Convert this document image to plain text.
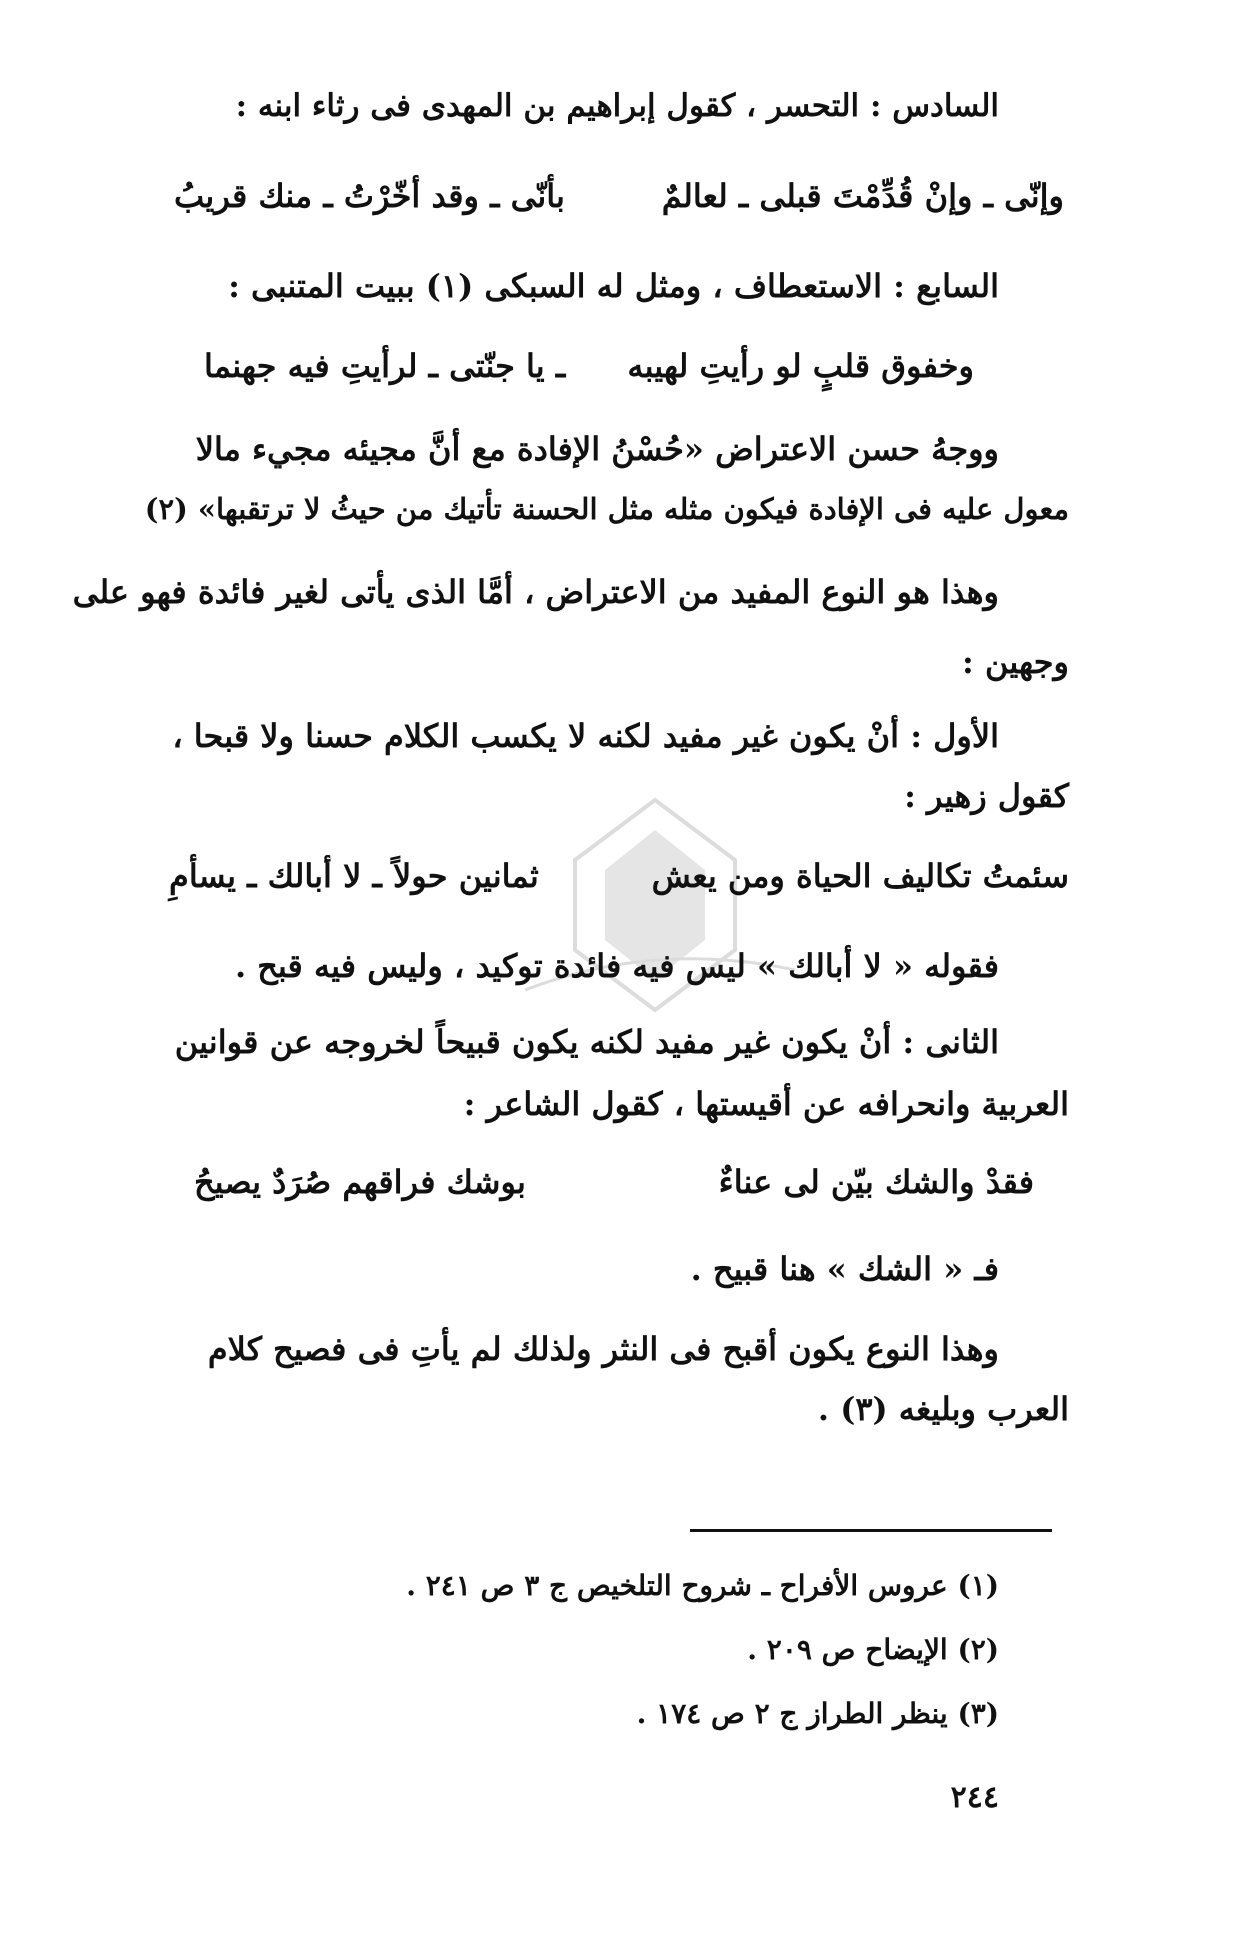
السادس : التحسر ، كقول إبراهيم بن المهدى فى رثاء ابنه :
وإنّى ـ وإنْ قُدِّمْتَ قبلى ـ لعالمٌ
بأنّى ـ وقد أخّرْتُ ـ منك قريبُ
السابع : الاستعطاف ، ومثل له السبكى (١) ببيت المتنبى :
وخفوق قلبٍ لو رأيتِ لهيبه
ـ يا جنّتى ـ لرأيتِ فيه جهنما
ووجهُ حسن الاعتراض «حُسْنُ الإفادة مع أنَّ مجيئه مجيء مالا
معول عليه فى الإفادة فيكون مثله مثل الحسنة تأتيك من حيثُ لا ترتقبها» (٢)
وهذا هو النوع المفيد من الاعتراض ، أمَّا الذى يأتى لغير فائدة فهو على
وجهين :
الأول : أنْ يكون غير مفيد لكنه لا يكسب الكلام حسنا ولا قبحا ،
كقول زهير :
سئمتُ تكاليف الحياة ومن يعش
ثمانين حولاً ـ لا أبالك ـ يسأمِ
فقوله « لا أبالك » ليس فيه فائدة توكيد ، وليس فيه قبح .
الثانى : أنْ يكون غير مفيد لكنه يكون قبيحاً لخروجه عن قوانين
العربية وانحرافه عن أقيستها ، كقول الشاعر :
فقدْ والشك بيّن لى عناءٌ
بوشك فراقهم صُرَدٌ يصيحُ
فـ « الشك » هنا قبيح .
وهذا النوع يكون أقبح فى النثر ولذلك لم يأتِ فى فصيح كلام
العرب وبليغه (٣) .
(١) عروس الأفراح ـ شروح التلخيص ج ٣ ص ٢٤١ .
(٢) الإيضاح ص ٢٠٩ .
(٣) ينظر الطراز ج ٢ ص ١٧٤ .
٢٤٤
